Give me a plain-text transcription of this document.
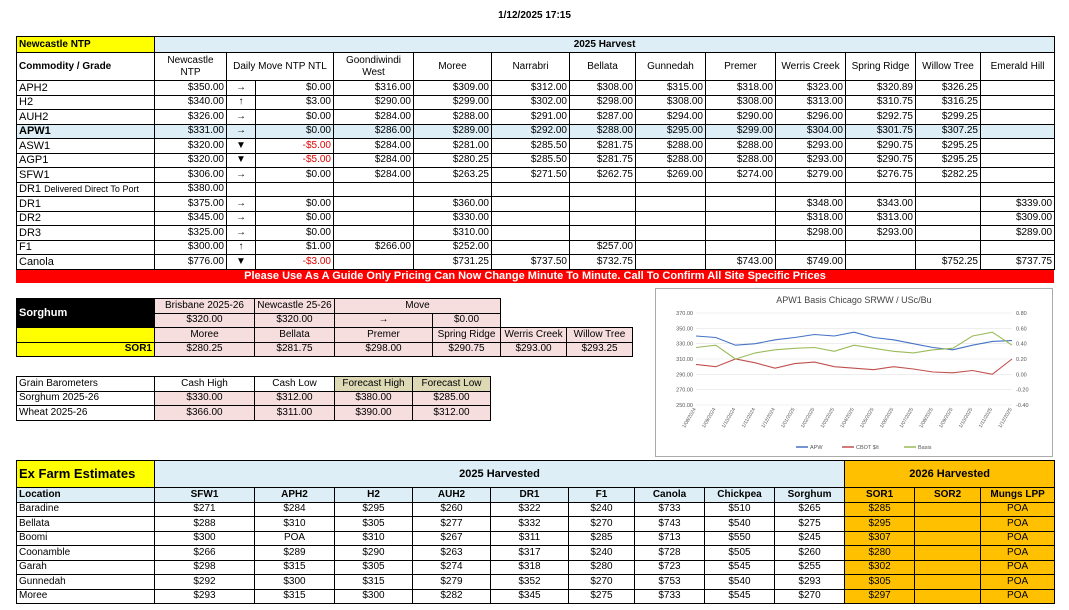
1/12/2025 17:15
Newcastle NTP	2025 Harvest												
Commodity / Grade	Newcastle NTP	Daily Move NTP NTL		Goondiwindi West	Moree	Narrabri	Bellata	Gunnedah	Premer	Werris Creek	Spring Ridge	Willow Tree	Emerald Hill
APH2	$350.00	→	$0.00	$316.00	$309.00	$312.00	$308.00	$315.00	$318.00	$323.00	$320.89	$326.25	
H2	$340.00	↑	$3.00	$290.00	$299.00	$302.00	$298.00	$308.00	$308.00	$313.00	$310.75	$316.25	
AUH2	$326.00	→	$0.00	$284.00	$288.00	$291.00	$287.00	$294.00	$290.00	$296.00	$292.75	$299.25	
APW1	$331.00	→	$0.00	$286.00	$289.00	$292.00	$288.00	$295.00	$299.00	$304.00	$301.75	$307.25	
ASW1	$320.00	▼	-$5.00	$284.00	$281.00	$285.50	$281.75	$288.00	$288.00	$293.00	$290.75	$295.25	
AGP1	$320.00	▼	-$5.00	$284.00	$280.25	$285.50	$281.75	$288.00	$288.00	$293.00	$290.75	$295.25	
SFW1	$306.00	→	$0.00	$284.00	$263.25	$271.50	$262.75	$269.00	$274.00	$279.00	$276.75	$282.25	
DR1 Delivered Direct To Port	$380.00												
DR1	$375.00	→	$0.00		$360.00					$348.00	$343.00		$339.00
DR2	$345.00	→	$0.00		$330.00					$318.00	$313.00		$309.00
DR3	$325.00	→	$0.00		$310.00					$298.00	$293.00		$289.00
F1	$300.00	↑	$1.00	$266.00	$252.00		$257.00						
Canola	$776.00	▼	-$3.00		$731.25	$737.50	$732.75		$743.00	$749.00		$752.25	$737.75
Please Use As A Guide Only Pricing Can Now Change Minute To Minute. Call To Confirm All Site Specific Prices
Sorghum	Brisbane 2025-26	Newcastle 25-26	Move			
	$320.00	$320.00	→	$0.00		
	Moree	Bellata	Premer	Spring Ridge	Werris Creek	Willow Tree
SOR1	$280.25	$281.75	$298.00	$290.75	$293.00	$293.25
Grain Barometers	Cash High	Cash Low	Forecast High	Forecast Low
Sorghum 2025-26	$330.00	$312.00	$380.00	$285.00
Wheat 2025-26	$366.00	$311.00	$390.00	$312.00
APW1 Basis Chicago SRWW / USc/Bu
370.00
350.00
330.00
310.00
290.00
270.00
250.00
0.80
0.60
0.40
0.20
0.00
-0.20
-0.40
1/08/2024 1/09/2024 1/10/2024 1/11/2024 1/12/2024 1/01/2025 1/02/2025 1/03/2025 1/04/2025 1/05/2025 1/06/2025 1/07/2025 1/08/2025 1/09/2025 1/10/2025 1/11/2025 1/12/2025
APW	CBOT $/t	Basis
Ex Farm Estimates	2025 Harvested									2026 Harvested		
Location	SFW1	APH2	H2	AUH2	DR1	F1	Canola	Chickpea	Sorghum	SOR1	SOR2	Mungs LPP
Baradine	$271	$284	$295	$260	$322	$240	$733	$510	$265	$285		POA
Bellata	$288	$310	$305	$277	$332	$270	$743	$540	$275	$295		POA
Boomi	$300	POA	$310	$267	$311	$285	$713	$550	$245	$307		POA
Coonamble	$266	$289	$290	$263	$317	$240	$728	$505	$260	$280		POA
Garah	$298	$315	$305	$274	$318	$280	$723	$545	$255	$302		POA
Gunnedah	$292	$300	$315	$279	$352	$270	$753	$540	$293	$305		POA
Moree	$293	$315	$300	$282	$345	$275	$733	$545	$270	$297		POA
